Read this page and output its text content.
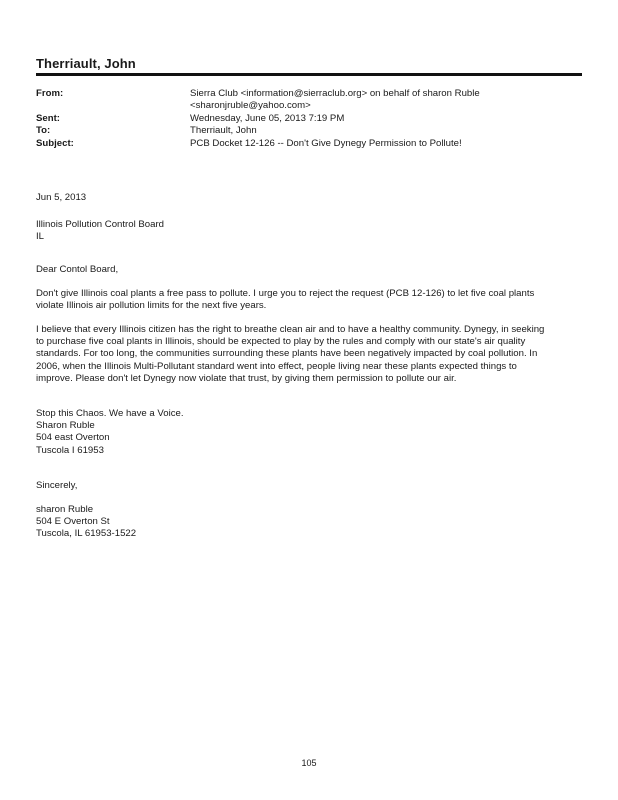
Therriault, John
From:	Sierra Club <information@sierraclub.org> on behalf of sharon Ruble
<sharonjruble@yahoo.com>
Sent:	Wednesday, June 05, 2013 7:19 PM
To:	Therriault, John
Subject:	PCB Docket 12-126 -- Don't Give Dynegy Permission to Pollute!
Jun 5, 2013
Illinois Pollution Control Board
IL
Dear Contol Board,
Don't give Illinois coal plants a free pass to pollute. I urge you to reject the request (PCB 12-126) to let five coal plants
violate Illinois air pollution limits for the next five years.
I believe that every Illinois citizen has the right to breathe clean air and to have a healthy community. Dynegy, in seeking
to purchase five coal plants in Illinois, should be expected to play by the rules and comply with our state's air quality
standards. For too long, the communities surrounding these plants have been negatively impacted by coal pollution. In
2006, when the Illinois Multi-Pollutant standard went into effect, people living near these plants expected things to
improve. Please don't let Dynegy now violate that trust, by giving them permission to pollute our air.
Stop this Chaos. We have a Voice.
Sharon Ruble
504 east Overton
Tuscola I 61953
Sincerely,
sharon Ruble
504 E Overton St
Tuscola, IL 61953-1522
105
